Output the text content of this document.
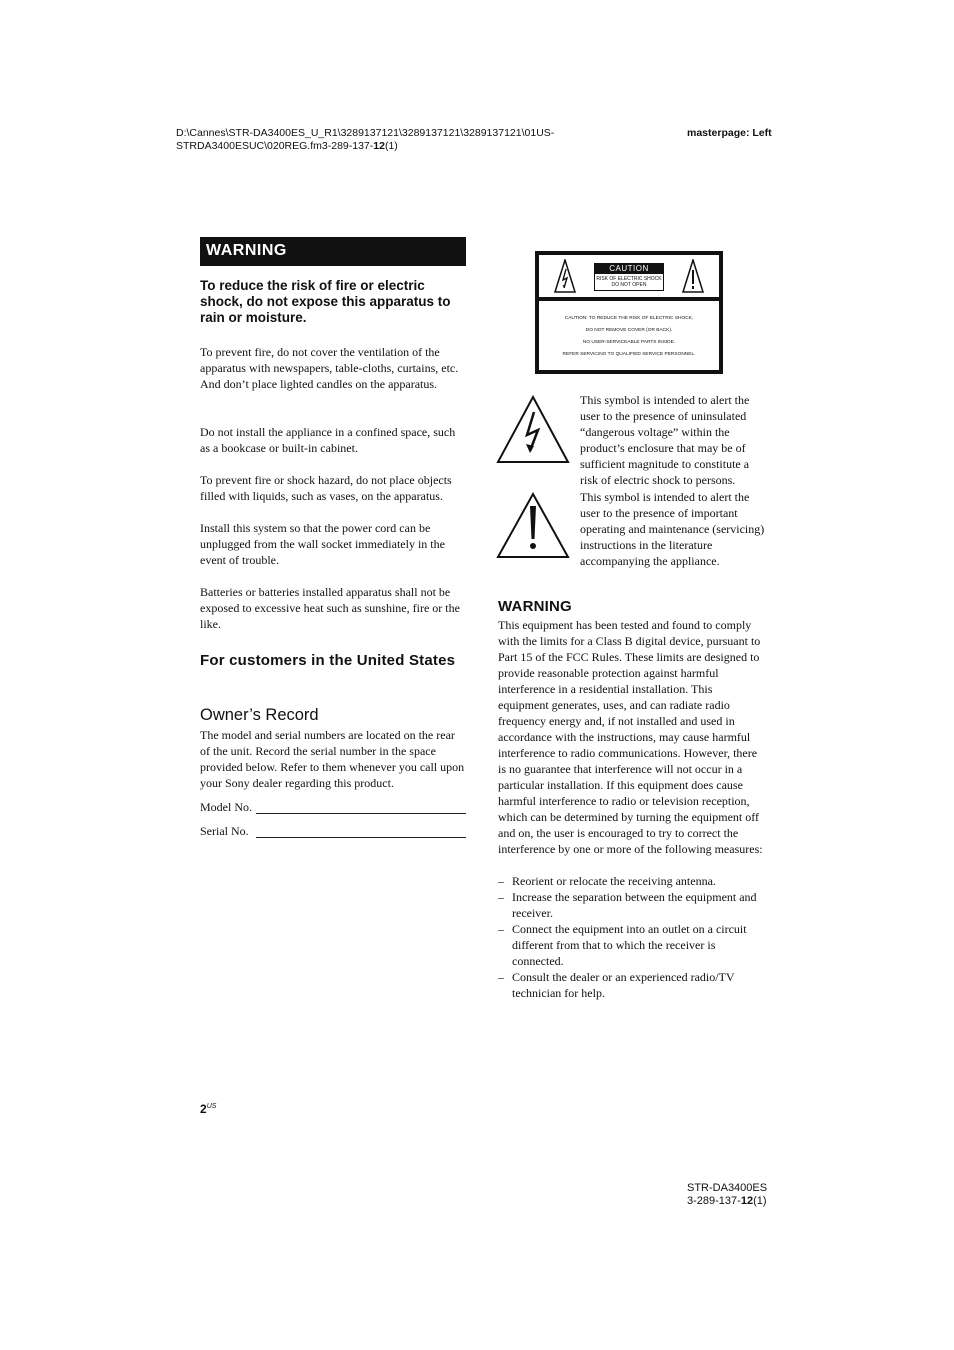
D:\Cannes\STR-DA3400ES_U_R1\3289137121\3289137121\3289137121\01US-
STRDA3400ESUC\020REG.fm3-289-137-12(1)
masterpage: Left
WARNING
To reduce the risk of fire or electric shock, do not expose this apparatus to rain or moisture.

To prevent fire, do not cover the ventilation of the apparatus with newspapers, table-cloths, curtains, etc. And don’t place lighted candles on the apparatus.

Do not install the appliance in a confined space, such as a bookcase or built-in cabinet.

To prevent fire or shock hazard, do not place objects filled with liquids, such as vases, on the apparatus.

Install this system so that the power cord can be unplugged from the wall socket immediately in the event of trouble.

Batteries or batteries installed apparatus shall not be exposed to excessive heat such as sunshine, fire or the like.

For customers in the United States
Owner’s Record
The model and serial numbers are located on the rear of the unit. Record the serial number in the space provided below. Refer to them whenever you call upon your Sony dealer regarding this product.
Model No.
Serial No.
CAUTION
RISK OF ELECTRIC SHOCK
DO NOT OPEN
CAUTION: TO REDUCE THE RISK OF ELECTRIC SHOCK,
DO NOT REMOVE COVER (OR BACK).
NO USER-SERVICEABLE PARTS INSIDE.
REFER SERVICING TO QUALIFIED SERVICE PERSONNEL.
This symbol is intended to alert the user to the presence of uninsulated “dangerous voltage” within the product’s enclosure that may be of sufficient magnitude to constitute a risk of electric shock to persons.
This symbol is intended to alert the user to the presence of important operating and maintenance (servicing) instructions in the literature accompanying the appliance.
WARNING
This equipment has been tested and found to comply with the limits for a Class B digital device, pursuant to Part 15 of the FCC Rules. These limits are designed to provide reasonable protection against harmful interference in a residential installation. This equipment generates, uses, and can radiate radio frequency energy and, if not installed and used in accordance with the instructions, may cause harmful interference to radio communications. However, there is no guarantee that interference will not occur in a particular installation. If this equipment does cause harmful interference to radio or television reception, which can be determined by turning the equipment off and on, the user is encouraged to try to correct the interference by one or more of the following measures:
– Reorient or relocate the receiving antenna.
– Increase the separation between the equipment and receiver.
– Connect the equipment into an outlet on a circuit different from that to which the receiver is connected.
– Consult the dealer or an experienced radio/TV technician for help.
$2^{US}$
STR-DA3400ES
3-289-137-12(1)
